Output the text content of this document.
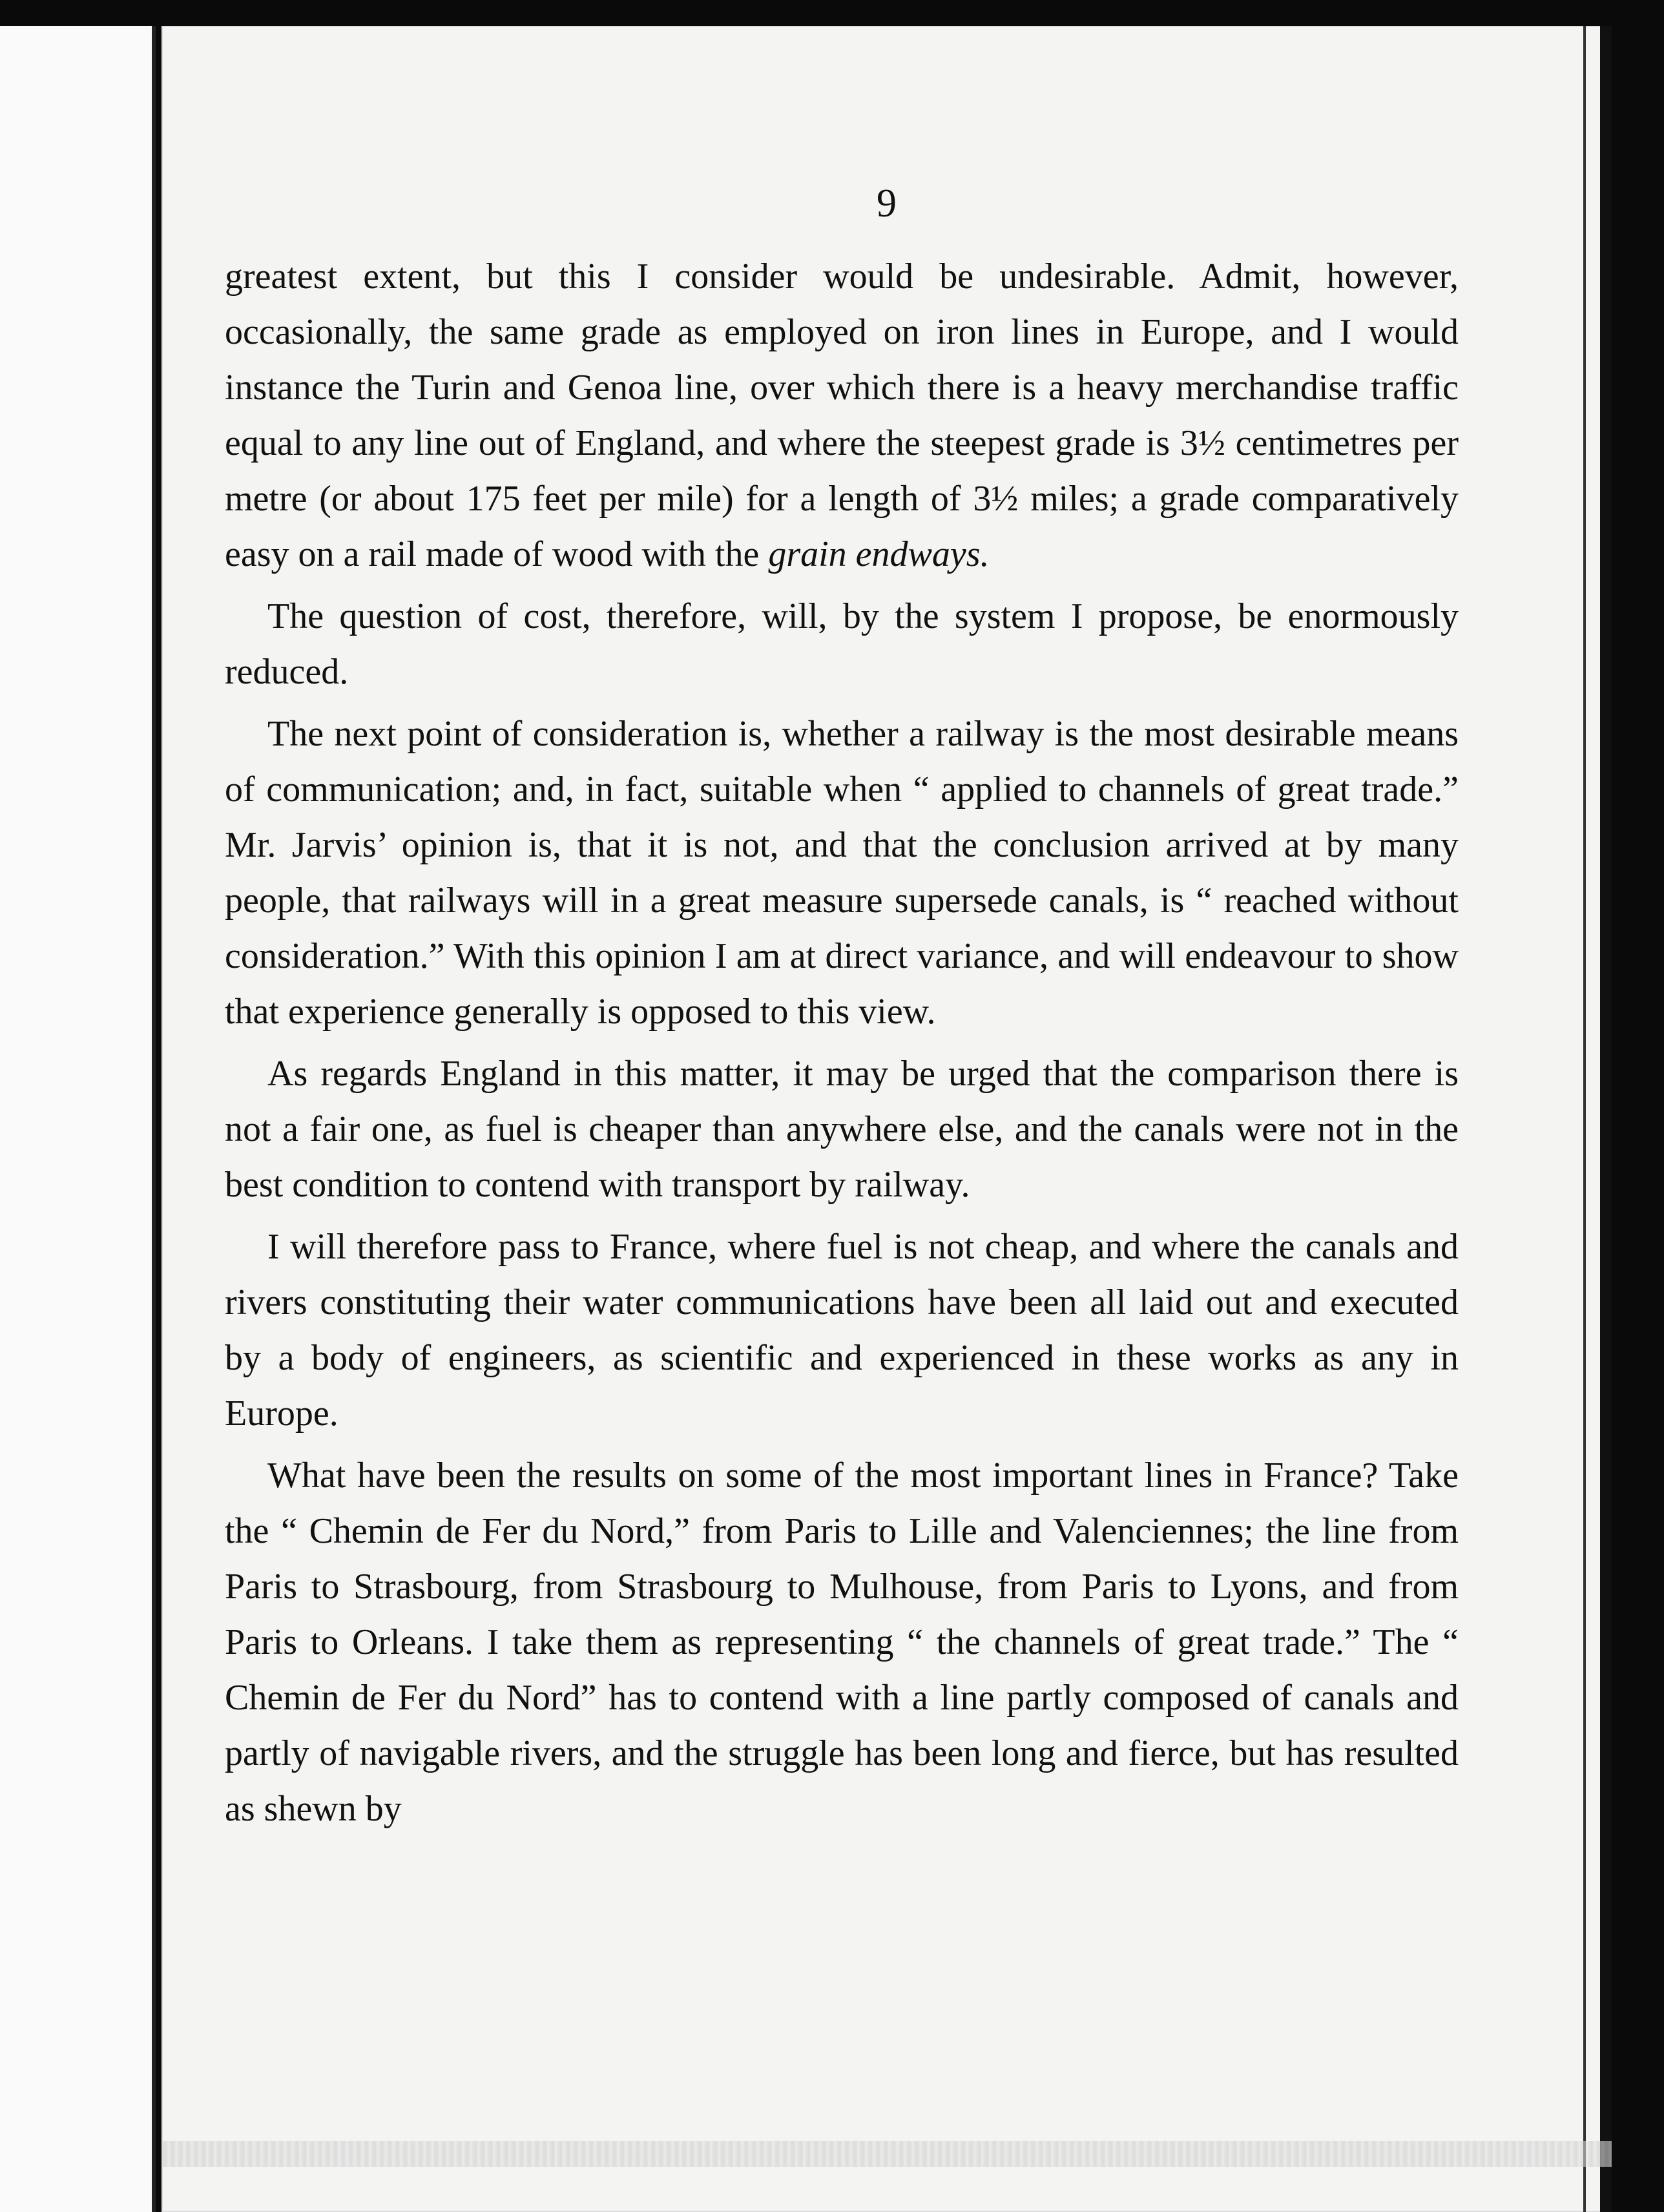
9

greatest extent, but this I consider would be undesirable. Admit, however, occasionally, the same grade as employed on iron lines in Europe, and I would instance the Turin and Genoa line, over which there is a heavy merchandise traffic equal to any line out of England, and where the steepest grade is 3½ centimetres per metre (or about 175 feet per mile) for a length of 3½ miles; a grade comparatively easy on a rail made of wood with the grain endways.

The question of cost, therefore, will, by the system I propose, be enormously reduced.

The next point of consideration is, whether a railway is the most desirable means of communication; and, in fact, suitable when “ applied to channels of great trade.” Mr. Jarvis’ opinion is, that it is not, and that the conclusion arrived at by many people, that railways will in a great measure supersede canals, is “ reached without consideration.” With this opinion I am at direct variance, and will endeavour to show that experience generally is opposed to this view.

As regards England in this matter, it may be urged that the comparison there is not a fair one, as fuel is cheaper than anywhere else, and the canals were not in the best condition to contend with transport by railway.

I will therefore pass to France, where fuel is not cheap, and where the canals and rivers constituting their water communications have been all laid out and executed by a body of engineers, as scientific and experienced in these works as any in Europe.

What have been the results on some of the most important lines in France? Take the “ Chemin de Fer du Nord,” from Paris to Lille and Valenciennes; the line from Paris to Strasbourg, from Strasbourg to Mulhouse, from Paris to Lyons, and from Paris to Orleans. I take them as representing “ the channels of great trade.” The “ Chemin de Fer du Nord” has to contend with a line partly composed of canals and partly of navigable rivers, and the struggle has been long and fierce, but has resulted as shewn by
